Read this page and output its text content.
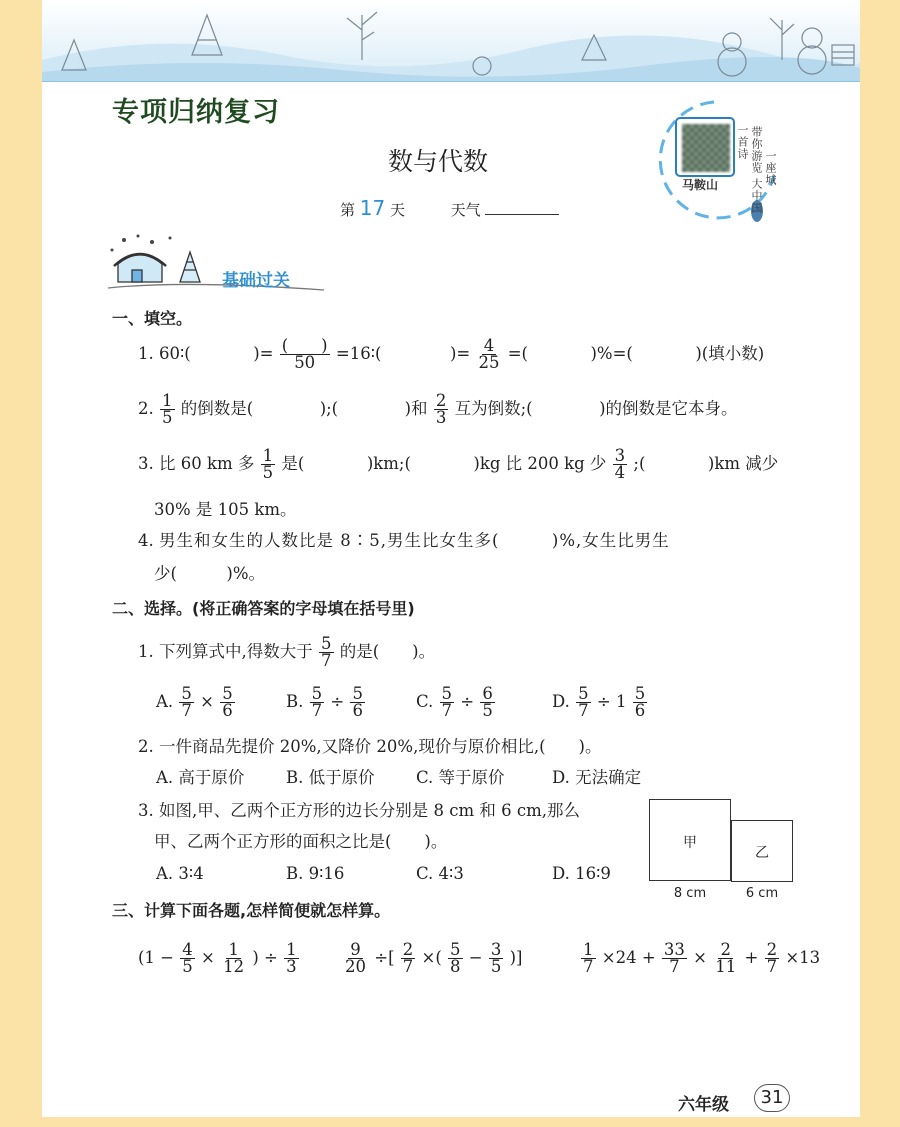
专项归纳复习
数与代数
第 17 天	天气
马鞍山
一首诗 带你游览 一座城
大中国
基础过关
一、填空。
1. 60∶(	)= $\frac{( )}{50}$ =16∶(	)= $\frac{4}{25}$ =(	)%=(	)(填小数)
2. $\frac{1}{5}$ 的倒数是(	);(	)和 $\frac{2}{3}$ 互为倒数;(	)的倒数是它本身。
3. 比 60 km 多 $\frac{1}{5}$ 是(	)km;(	)kg 比 200 kg 少 $\frac{3}{4}$ ;(	)km 减少
30% 是 105 km。
4. 男生和女生的人数比是 8∶5,男生比女生多(　　　)%,女生比男生
少(　　　)%。
二、选择。(将正确答案的字母填在括号里)
1. 下列算式中,得数大于 $\frac{5}{7}$ 的是(　　)。
A. $\frac{5}{7} \times \frac{5}{6}$	B. $\frac{5}{7} \div \frac{5}{6}$	C. $\frac{5}{7} \div \frac{6}{5}$	D. $\frac{5}{7} \div 1 \frac{5}{6}$
2. 一件商品先提价 20%,又降价 20%,现价与原价相比,(　　)。
A. 高于原价	B. 低于原价	C. 等于原价	D. 无法确定
3. 如图,甲、乙两个正方形的边长分别是 8 cm 和 6 cm,那么
甲、乙两个正方形的面积之比是(　　)。
A. 3∶4	B. 9∶16	C. 4∶3	D. 16∶9
甲
乙
8 cm	6 cm
三、计算下面各题,怎样简便就怎样算。
($1 - \frac{4}{5} \times \frac{1}{12}$ ) ÷ $\frac{1}{3}$	$\frac{9}{20}$ ÷[ $\frac{2}{7}$ ×( $\frac{5}{8} - \frac{3}{5}$ )]	$\frac{1}{7} \times 24 + \frac{33}{7} \times \frac{2}{11} + \frac{2}{7} \times 13$
六年级	31
